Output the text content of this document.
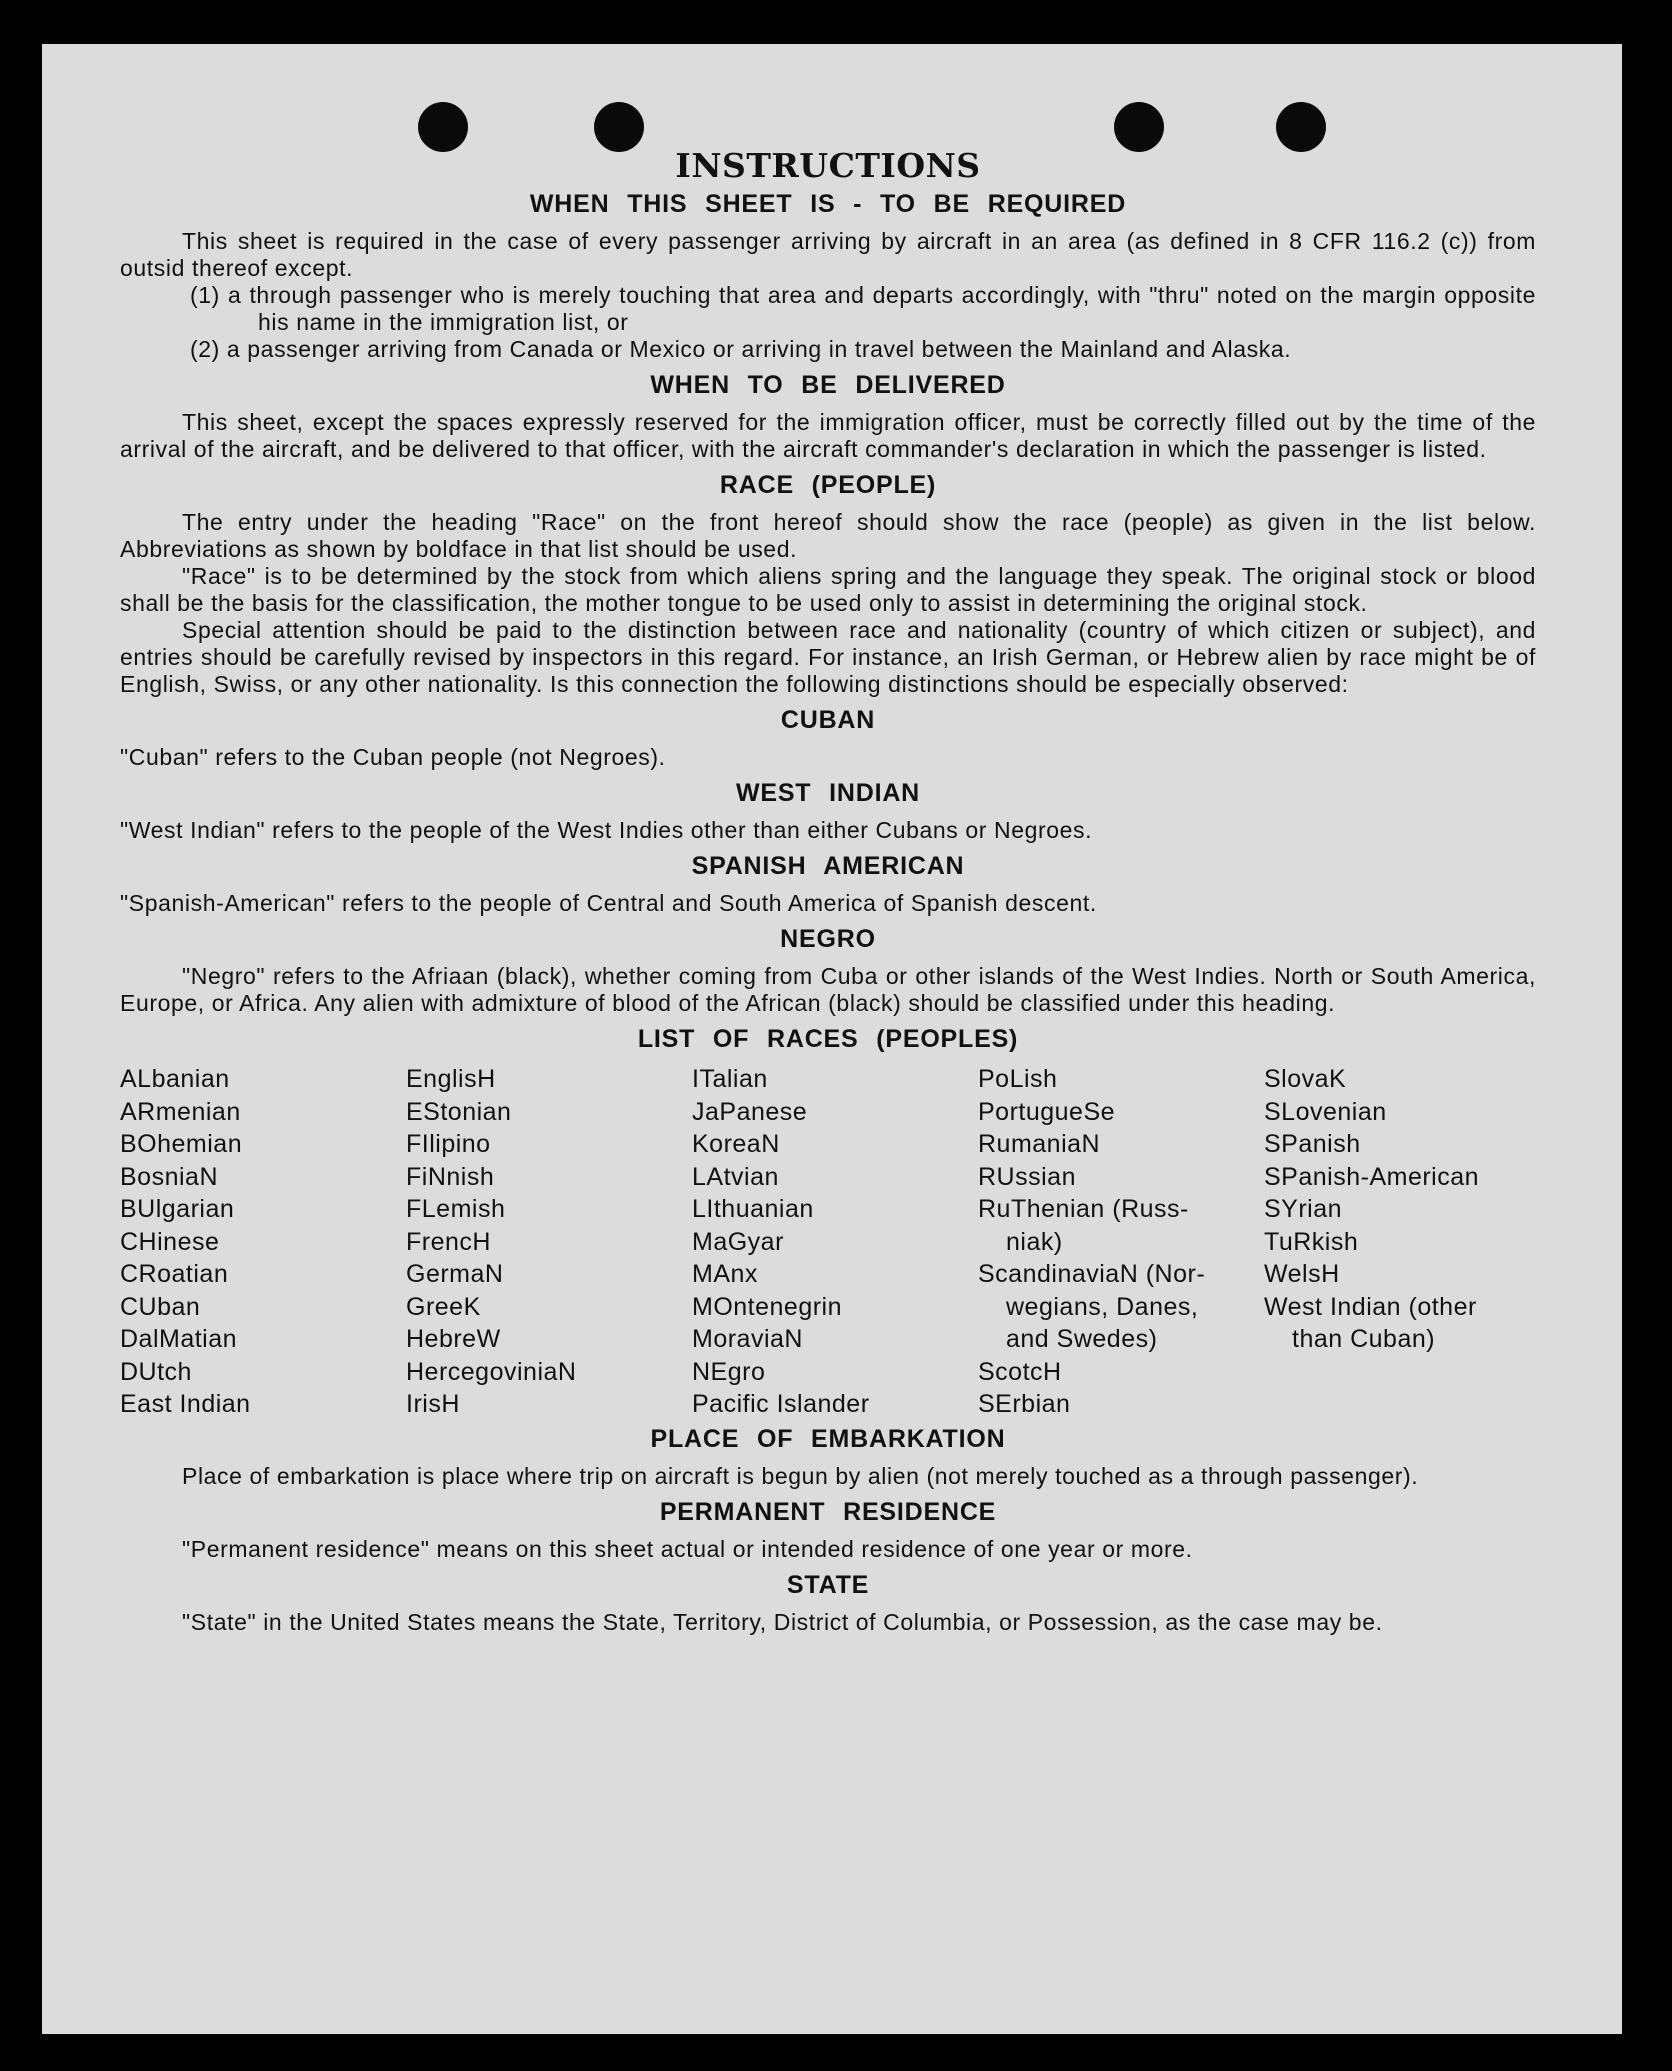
INSTRUCTIONS
WHEN THIS SHEET IS - TO BE REQUIRED

This sheet is required in the case of every passenger arriving by aircraft in an area (as defined in 8 CFR 116.2 (c)) from outsid thereof except.

(1) a through passenger who is merely touching that area and departs accordingly, with "thru" noted on the margin opposite his name in the immigration list, or

(2) a passenger arriving from Canada or Mexico or arriving in travel between the Mainland and Alaska.

WHEN TO BE DELIVERED

This sheet, except the spaces expressly reserved for the immigration officer, must be correctly filled out by the time of the arrival of the aircraft, and be delivered to that officer, with the aircraft commander's declaration in which the passenger is listed.

RACE (PEOPLE)

The entry under the heading "Race" on the front hereof should show the race (people) as given in the list below. Abbreviations as shown by boldface in that list should be used.

"Race" is to be determined by the stock from which aliens spring and the language they speak. The original stock or blood shall be the basis for the classification, the mother tongue to be used only to assist in determining the original stock.

Special attention should be paid to the distinction between race and nationality (country of which citizen or subject), and entries should be carefully revised by inspectors in this regard. For instance, an Irish German, or Hebrew alien by race might be of English, Swiss, or any other nationality. Is this connection the following distinctions should be especially observed:

CUBAN

"Cuban" refers to the Cuban people (not Negroes).

WEST INDIAN

"West Indian" refers to the people of the West Indies other than either Cubans or Negroes.

SPANISH AMERICAN

"Spanish-American" refers to the people of Central and South America of Spanish descent.

NEGRO

"Negro" refers to the Afriaan (black), whether coming from Cuba or other islands of the West Indies. North or South America, Europe, or Africa. Any alien with admixture of blood of the African (black) should be classified under this heading.

LIST OF RACES (PEOPLES)
ALbanian
ARmenian
BOhemian
BosniaN
BUlgarian
CHinese
CRoatian
CUban
DalMatian
DUtch
East Indian
EnglisH
EStonian
FIlipino
FiNnish
FLemish
FrencH
GermaN
GreeK
HebreW
HercegoviniaN
IrisH
ITalian
JaPanese
KoreaN
LAtvian
LIthuanian
MaGyar
MAnx
MOntenegrin
MoraviaN
NEgro
Pacific Islander
PoLish
PortugueSe
RumaniaN
RUssian
RuThenian (Russ-
niak)
ScandinaviaN (Nor-
wegians, Danes,
and Swedes)
ScotcH
SErbian
SlovaK
SLovenian
SPanish
SPanish-American
SYrian
TuRkish
WelsH
West Indian (other
than Cuban)
PLACE OF EMBARKATION

Place of embarkation is place where trip on aircraft is begun by alien (not merely touched as a through passenger).

PERMANENT RESIDENCE

"Permanent residence" means on this sheet actual or intended residence of one year or more.

STATE

"State" in the United States means the State, Territory, District of Columbia, or Possession, as the case may be.
